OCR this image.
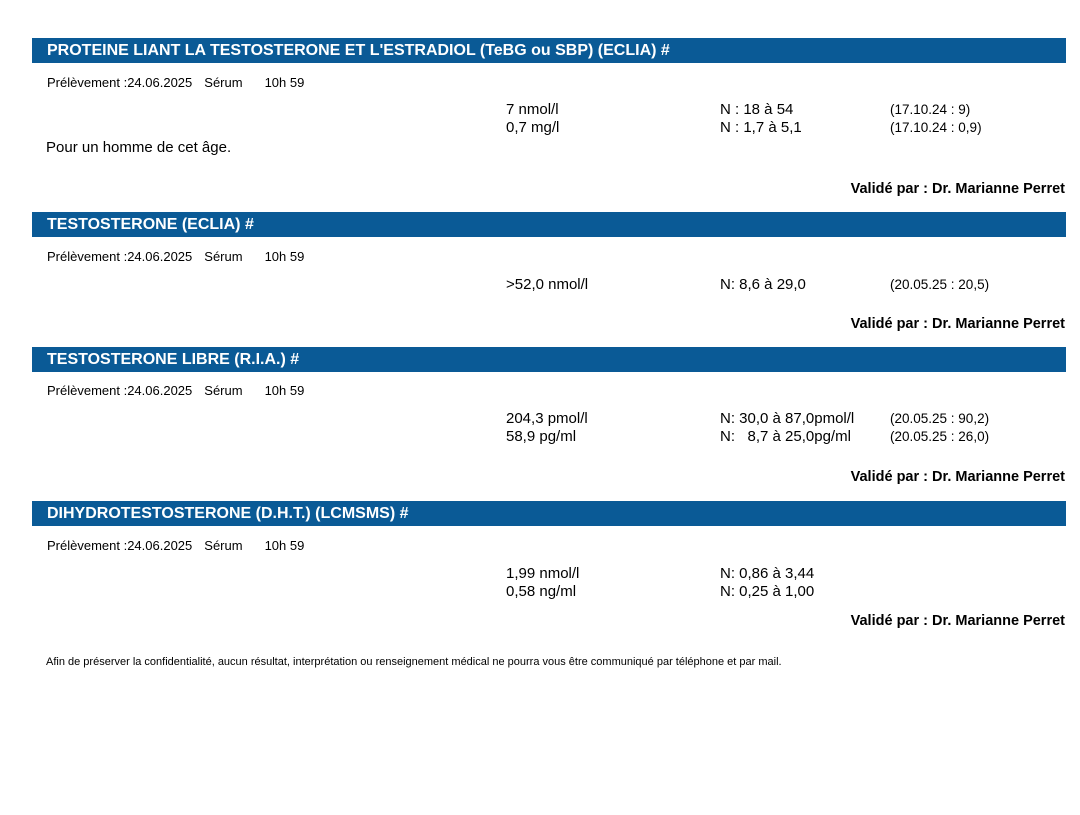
PROTEINE LIANT LA TESTOSTERONE ET L'ESTRADIOL (TeBG ou SBP) (ECLIA) #
Prélèvement :24.06.2025 Sérum 10h 59
7 nmol/l	N : 18 à 54	(17.10.24 : 9)
0,7 mg/l	N : 1,7 à 5,1	(17.10.24 : 0,9)
Pour un homme de cet âge.
Validé par : Dr. Marianne Perret
TESTOSTERONE (ECLIA) #
Prélèvement :24.06.2025 Sérum 10h 59
>52,0 nmol/l	N: 8,6 à 29,0	(20.05.25 : 20,5)
Validé par : Dr. Marianne Perret
TESTOSTERONE LIBRE (R.I.A.) #
Prélèvement :24.06.2025 Sérum 10h 59
204,3 pmol/l	N: 30,0 à 87,0pmol/l	(20.05.25 : 90,2)
58,9 pg/ml	N:   8,7 à 25,0pg/ml	(20.05.25 : 26,0)
Validé par : Dr. Marianne Perret
DIHYDROTESTOSTERONE (D.H.T.) (LCMSMS) #
Prélèvement :24.06.2025 Sérum 10h 59
1,99 nmol/l	N: 0,86 à 3,44
0,58 ng/ml	N: 0,25 à 1,00
Validé par : Dr. Marianne Perret
Afin de préserver la confidentialité, aucun résultat, interprétation ou renseignement médical ne pourra vous être communiqué par téléphone et par mail.
